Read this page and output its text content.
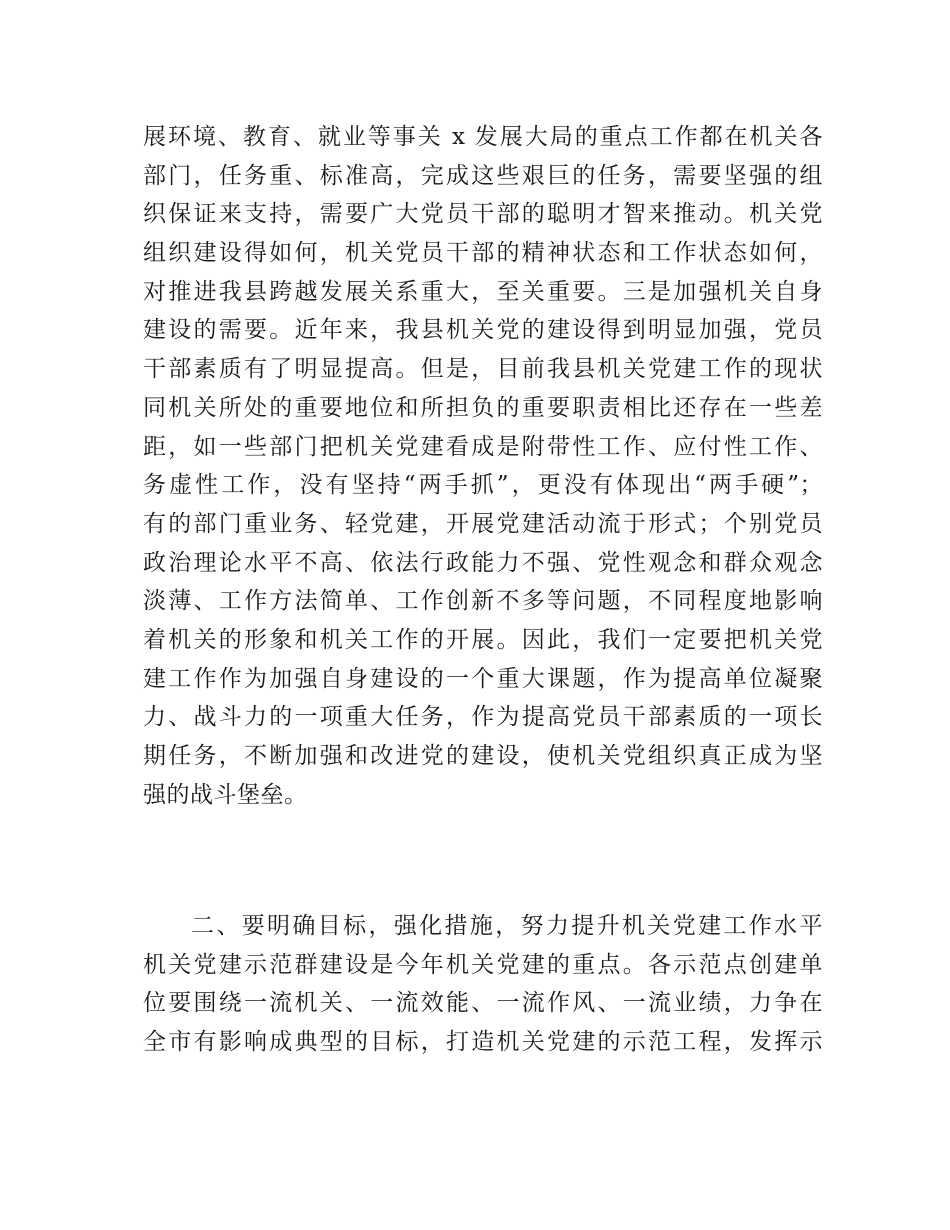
展环境、教育、就业等事关 x 发展大局的重点工作都在机关各
部门，任务重、标准高，完成这些艰巨的任务，需要坚强的组
织保证来支持，需要广大党员干部的聪明才智来推动。机关党
组织建设得如何，机关党员干部的精神状态和工作状态如何，
对推进我县跨越发展关系重大，至关重要。三是加强机关自身
建设的需要。近年来，我县机关党的建设得到明显加强，党员
干部素质有了明显提高。但是，目前我县机关党建工作的现状
同机关所处的重要地位和所担负的重要职责相比还存在一些差
距，如一些部门把机关党建看成是附带性工作、应付性工作、
务虚性工作，没有坚持“两手抓”，更没有体现出“两手硬”；
有的部门重业务、轻党建，开展党建活动流于形式；个别党员
政治理论水平不高、依法行政能力不强、党性观念和群众观念
淡薄、工作方法简单、工作创新不多等问题，不同程度地影响
着机关的形象和机关工作的开展。因此，我们一定要把机关党
建工作作为加强自身建设的一个重大课题，作为提高单位凝聚
力、战斗力的一项重大任务，作为提高党员干部素质的一项长
期任务，不断加强和改进党的建设，使机关党组织真正成为坚
强的战斗堡垒。
二、要明确目标，强化措施，努力提升机关党建工作水平
机关党建示范群建设是今年机关党建的重点。各示范点创建单
位要围绕一流机关、一流效能、一流作风、一流业绩，力争在
全市有影响成典型的目标，打造机关党建的示范工程，发挥示
